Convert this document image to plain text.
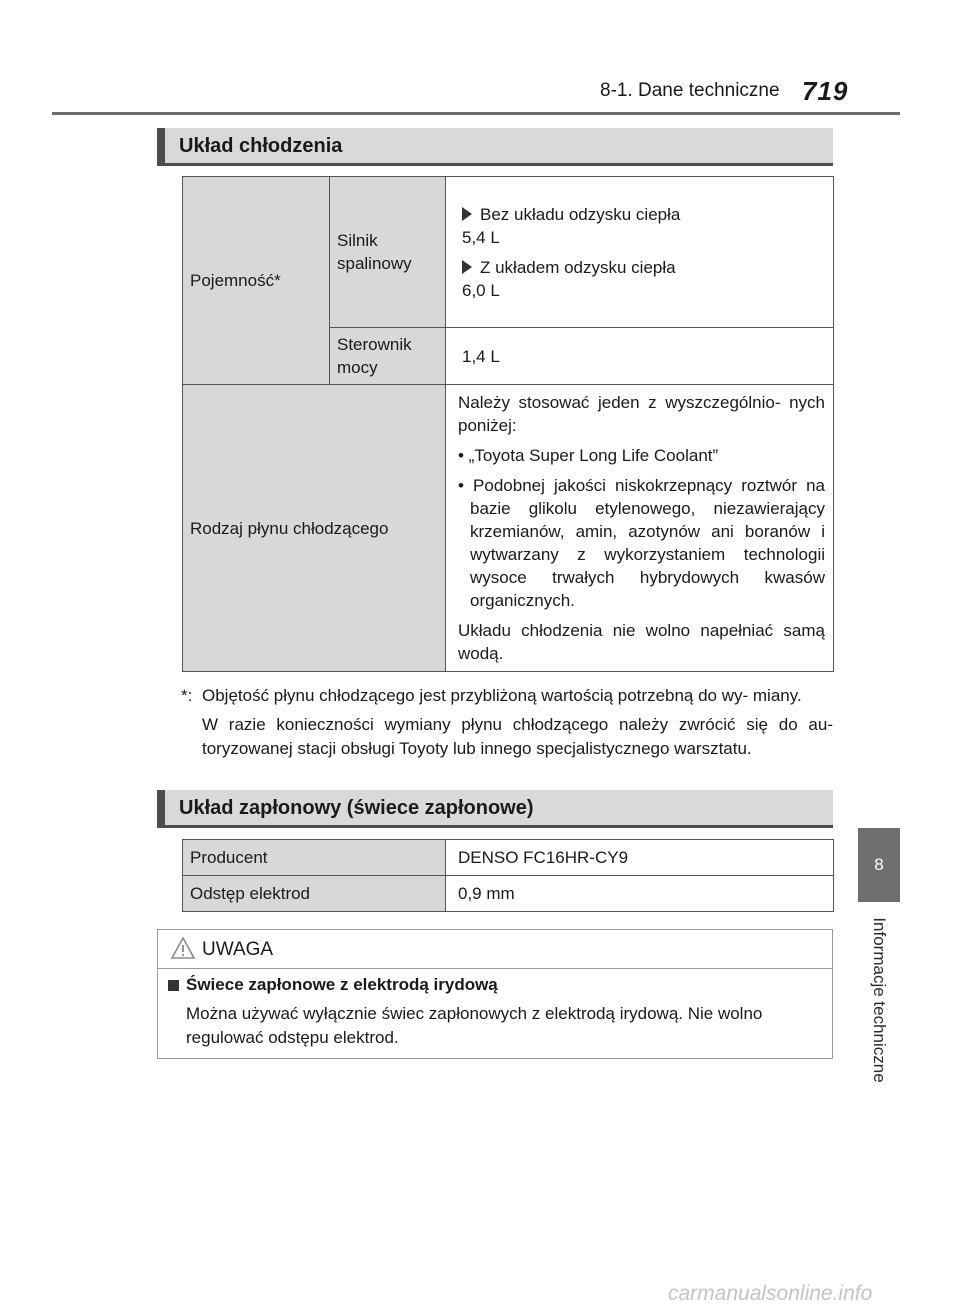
8-1. Dane techniczne 719
8
Informacje techniczne
Układ chłodzenia
Pojemność*	Silnik spalinowy	Bez układu odzysku ciepła

5,4 L

Z układem odzysku ciepła

6,0 L

	Sterownik mocy	1,4 L
Rodzaj płynu chłodzącego		Należy stosować jeden z wyszczególnio- nych poniżej:

• „Toyota Super Long Life Coolant”

• Podobnej jakości niskokrzepnący roztwór na bazie glikolu etylenowego, niezawierający krzemianów, amin, azotynów ani boranów i wytwarzany z wykorzystaniem technologii wysoce trwałych hybrydowych kwasów organicznych.

Układu chłodzenia nie wolno napełniać samą wodą.

*: Objętość płynu chłodzącego jest przybliżoną wartością potrzebną do wy- miany.
W razie konieczności wymiany płynu chłodzącego należy zwrócić się do au- toryzowanej stacji obsługi Toyoty lub innego specjalistycznego warsztatu.
Układ zapłonowy (świece zapłonowe)
Producent	DENSO FC16HR-CY9
Odstęp elektrod	0,9 mm
UWAGA
Świece zapłonowe z elektrodą irydową
Można używać wyłącznie świec zapłonowych z elektrodą irydową. Nie wolno regulować odstępu elektrod.
carmanualsonline.info
